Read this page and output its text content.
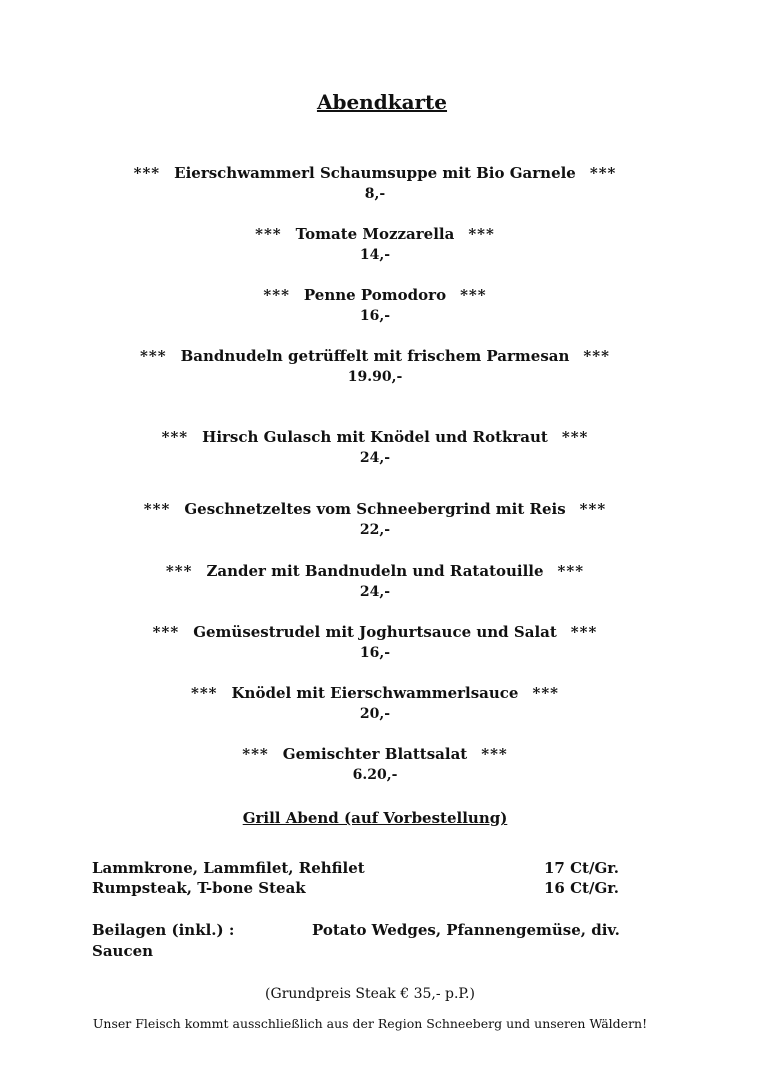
Abendkarte
*** Eierschwammerl Schaumsuppe mit Bio Garnele ***
8,-
*** Tomate Mozzarella ***
14,-
*** Penne Pomodoro ***
16,-
*** Bandnudeln getrüffelt mit frischem Parmesan ***
19.90,-
*** Hirsch Gulasch mit Knödel und Rotkraut ***
24,-
*** Geschnetzeltes vom Schneebergrind mit Reis ***
22,-
*** Zander mit Bandnudeln und Ratatouille ***
24,-
*** Gemüsestrudel mit Joghurtsauce und Salat ***
16,-
*** Knödel mit Eierschwammerlsauce ***
20,-
*** Gemischter Blattsalat ***
6.20,-
Grill Abend (auf Vorbestellung)
Lammkrone, Lammfilet, Rehfilet	17 Ct/Gr.
Rumpsteak, T-bone Steak	16 Ct/Gr.
Beilagen (inkl.) :	Potato Wedges, Pfannengemüse, div.
Saucen
(Grundpreis Steak € 35,- p.P.)
Unser Fleisch kommt ausschließlich aus der Region Schneeberg und unseren Wäldern!
